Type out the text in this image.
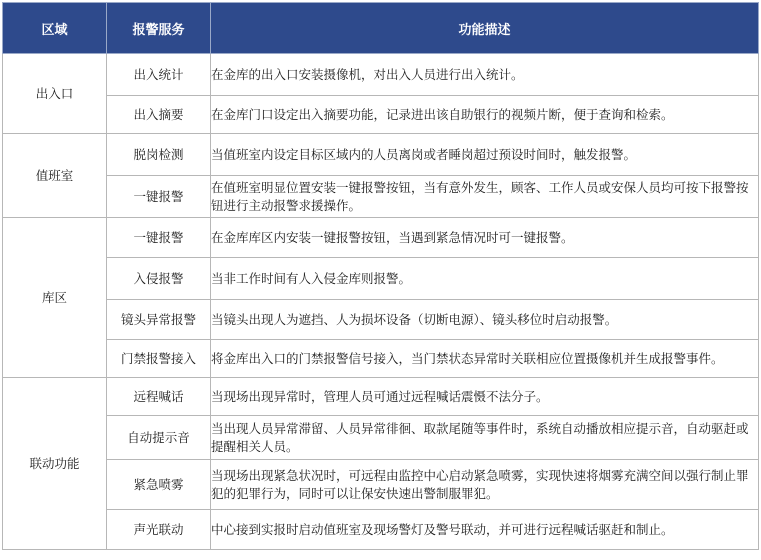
区域	报警服务	功能描述
出入口	出入统计	在金库的出入口安装摄像机，对出入人员进行出入统计。
	出入摘要	在金库门口设定出入摘要功能，记录进出该自助银行的视频片断，便于查询和检索。
值班室	脱岗检测	当值班室内设定目标区域内的人员离岗或者睡岗超过预设时间时，触发报警。
	一键报警	在值班室明显位置安装一键报警按钮，当有意外发生，顾客、工作人员或安保人员均可按下报警按钮进行主动报警求援操作。
库区	一键报警	在金库库区内安装一键报警按钮，当遇到紧急情况时可一键报警。
	入侵报警	当非工作时间有人入侵金库则报警。
	镜头异常报警	当镜头出现人为遮挡、人为损坏设备（切断电源）、镜头移位时启动报警。
	门禁报警接入	将金库出入口的门禁报警信号接入，当门禁状态异常时关联相应位置摄像机并生成报警事件。
联动功能	远程喊话	当现场出现异常时，管理人员可通过远程喊话震慑不法分子。
	自动提示音	当出现人员异常滞留、人员异常徘徊、取款尾随等事件时，系统自动播放相应提示音，自动驱赶或提醒相关人员。
	紧急喷雾	当现场出现紧急状况时，可远程由监控中心启动紧急喷雾，实现快速将烟雾充满空间以强行制止罪犯的犯罪行为，同时可以让保安快速出警制服罪犯。
	声光联动	中心接到实报时启动值班室及现场警灯及警号联动，并可进行远程喊话驱赶和制止。
